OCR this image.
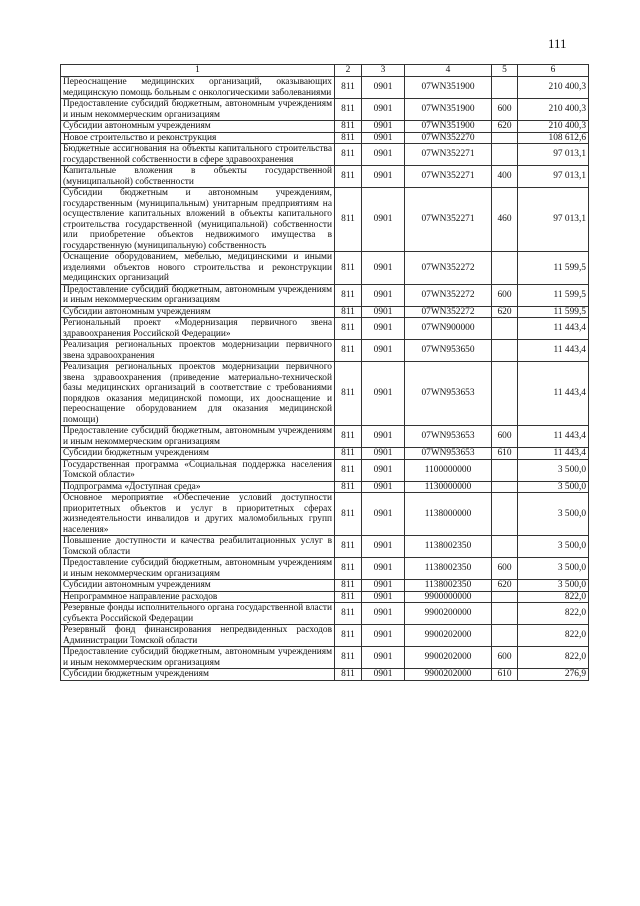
111
1	2	3	4	5	6
Переоснащение медицинских организаций, оказывающих медицинскую помощь больным с онкологическими заболеваниями	811	0901	07WN351900		210 400,3
Предоставление субсидий бюджетным, автономным учреждениям и иным некоммерческим организациям	811	0901	07WN351900	600	210 400,3
Субсидии автономным учреждениям	811	0901	07WN351900	620	210 400,3
Новое строительство и реконструкция	811	0901	07WN352270		108 612,6
Бюджетные ассигнования на объекты капитального строительства государственной собственности в сфере здравоохранения	811	0901	07WN352271		97 013,1
Капитальные вложения в объекты государственной (муниципальной) собственности	811	0901	07WN352271	400	97 013,1
Субсидии бюджетным и автономным учреждениям, государственным (муниципальным) унитарным предприятиям на осуществление капитальных вложений в объекты капитального строительства государственной (муниципальной) собственности или приобретение объектов недвижимого имущества в государственную (муниципальную) собственность	811	0901	07WN352271	460	97 013,1
Оснащение оборудованием, мебелью, медицинскими и иными изделиями объектов нового строительства и реконструкции медицинских организаций	811	0901	07WN352272		11 599,5
Предоставление субсидий бюджетным, автономным учреждениям и иным некоммерческим организациям	811	0901	07WN352272	600	11 599,5
Субсидии автономным учреждениям	811	0901	07WN352272	620	11 599,5
Региональный проект «Модернизация первичного звена здравоохранения Российской Федерации»	811	0901	07WN900000		11 443,4
Реализация региональных проектов модернизации первичного звена здравоохранения	811	0901	07WN953650		11 443,4
Реализация региональных проектов модернизации первичного звена здравоохранения (приведение материально-технической базы медицинских организаций в соответствие с требованиями порядков оказания медицинской помощи, их дооснащение и переоснащение оборудованием для оказания медицинской помощи)	811	0901	07WN953653		11 443,4
Предоставление субсидий бюджетным, автономным учреждениям и иным некоммерческим организациям	811	0901	07WN953653	600	11 443,4
Субсидии бюджетным учреждениям	811	0901	07WN953653	610	11 443,4
Государственная программа «Социальная поддержка населения Томской области»	811	0901	1100000000		3 500,0
Подпрограмма «Доступная среда»	811	0901	1130000000		3 500,0
Основное мероприятие «Обеспечение условий доступности приоритетных объектов и услуг в приоритетных сферах жизнедеятельности инвалидов и других маломобильных групп населения»	811	0901	1138000000		3 500,0
Повышение доступности и качества реабилитационных услуг в Томской области	811	0901	1138002350		3 500,0
Предоставление субсидий бюджетным, автономным учреждениям и иным некоммерческим организациям	811	0901	1138002350	600	3 500,0
Субсидии автономным учреждениям	811	0901	1138002350	620	3 500,0
Непрограммное направление расходов	811	0901	9900000000		822,0
Резервные фонды исполнительного органа государственной власти субъекта Российской Федерации	811	0901	9900200000		822,0
Резервный фонд финансирования непредвиденных расходов Администрации Томской области	811	0901	9900202000		822,0
Предоставление субсидий бюджетным, автономным учреждениям и иным некоммерческим организациям	811	0901	9900202000	600	822,0
Субсидии бюджетным учреждениям	811	0901	9900202000	610	276,9
